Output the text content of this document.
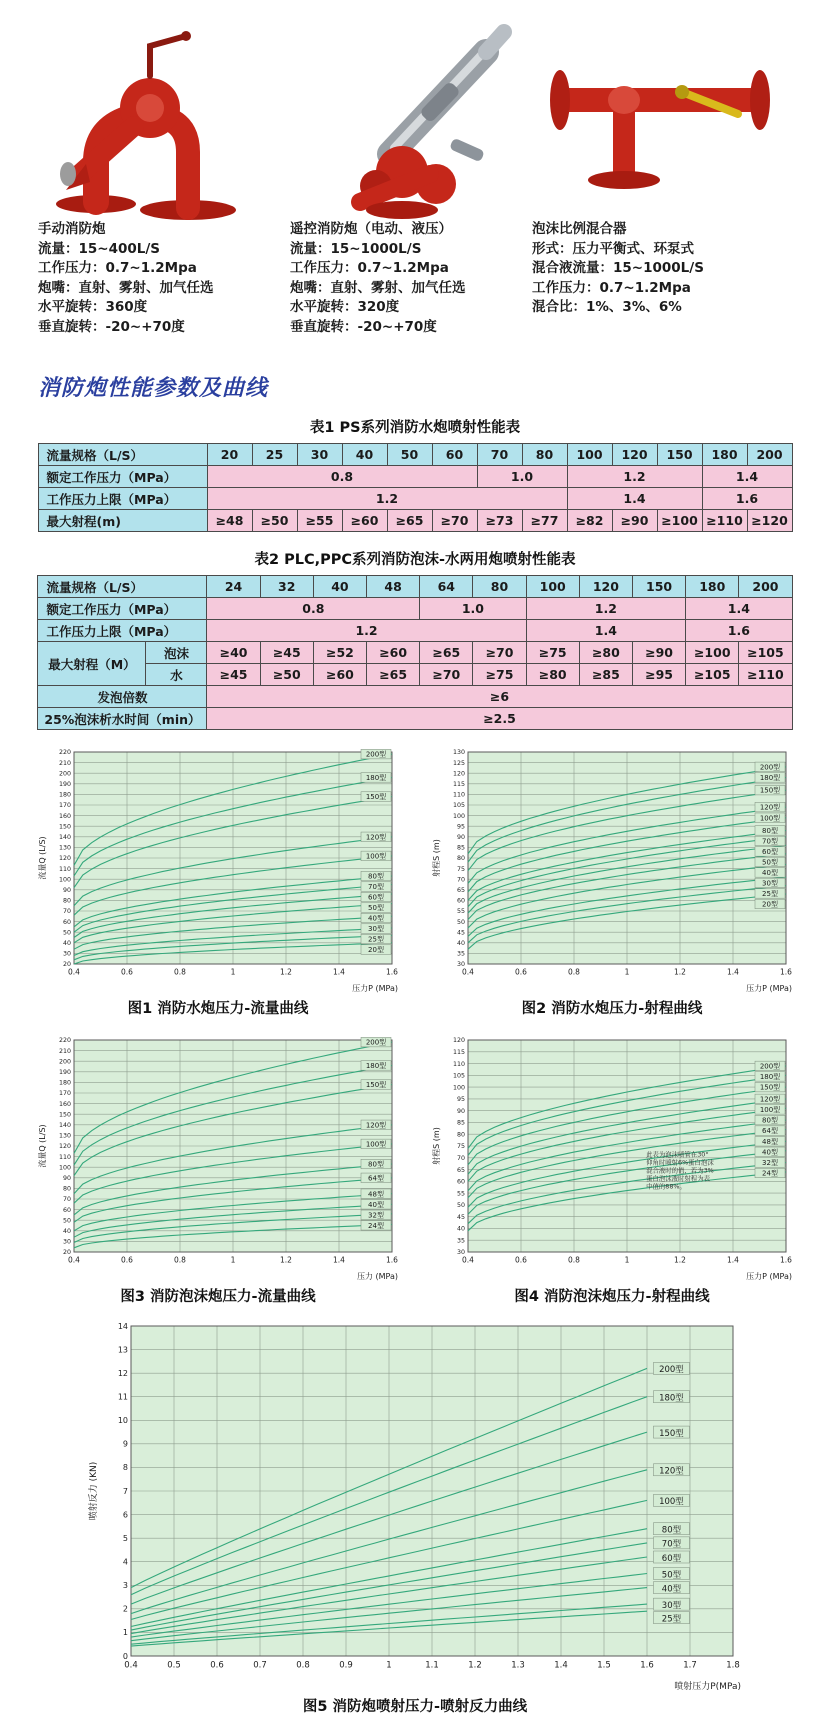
手动消防炮
流量：15~400L/S
工作压力：0.7~1.2Mpa
炮嘴：直射、雾射、加气任选
水平旋转：360度
垂直旋转：-20~+70度
遥控消防炮（电动、液压）
流量：15~1000L/S
工作压力：0.7~1.2Mpa
炮嘴：直射、雾射、加气任选
水平旋转：320度
垂直旋转：-20~+70度
泡沫比例混合器
形式：压力平衡式、环泵式
混合液流量：15~1000L/S
工作压力：0.7~1.2Mpa
混合比：1%、3%、6%
消防炮性能参数及曲线
表1 PS系列消防水炮喷射性能表
流量规格（L/S）	20	25	30	40	50	60	70	80	100	120	150	180	200
额定工作压力（MPa）	0.8						1.0		1.2			1.4	
工作压力上限（MPa）	1.2								1.4			1.6	
最大射程(m)	≥48	≥50	≥55	≥60	≥65	≥70	≥73	≥77	≥82	≥90	≥100	≥110	≥120
表2 PLC,PPC系列消防泡沫-水两用炮喷射性能表
流量规格（L/S）		24	32	40	48	64	80	100	120	150	180	200
额定工作压力（MPa）		0.8				1.0		1.2			1.4	
工作压力上限（MPa）		1.2						1.4			1.6	
最大射程（M）	泡沫	≥40	≥45	≥52	≥60	≥65	≥70	≥75	≥80	≥90	≥100	≥105
	水	≥45	≥50	≥60	≥65	≥70	≥75	≥80	≥85	≥95	≥105	≥110
发泡倍数		≥6										
25%泡沫析水时间（min）		≥2.5										
0.4	0.6	0.8	1	1.2	1.4	1.6
20
30
40
50
60
70
80
90
100
110
120
130
140
150
160
170
180
190
200
210
220
流量Q (L/S)
压力P (MPa)
200型
180型
150型
120型
100型
80型
70型
60型
50型
40型
30型
25型
20型
图1 消防水炮压力-流量曲线
0.4	0.6	0.8	1	1.2	1.4	1.6
30
35
40
45
50
55
60
65
70
75
80
85
90
95
100
105
110
115
120
125
130
射程S (m)
压力P (MPa)
200型
180型
150型
120型
100型
80型
70型
60型
50型
40型
30型
25型
20型
图2 消防水炮压力-射程曲线
0.4	0.6	0.8	1	1.2	1.4	1.6
20
30
40
50
60
70
80
90
100
110
120
130
140
150
160
170
180
190
200
210
220
流量Q (L/S)
压力 (MPa)
200型
180型
150型
120型
100型
80型
64型
48型
40型
32型
24型
图3 消防泡沫炮压力-流量曲线
0.4	0.6	0.8	1	1.2	1.4	1.6
30
35
40
45
50
55
60
65
70
75
80
85
90
95
100
105
110
115
120
射程S (m)
压力P (MPa)
200型
180型
150型
120型
100型
80型
64型
48型
40型
32型
24型
此表为泡沫喷管在30°
仰角时喷射6%蛋白泡沫
混合液时的值，若为3%
蛋白泡沫液时射程为表
中值的88%。
图4 消防泡沫炮压力-射程曲线
0.4	0.5	0.6	0.7	0.8	0.9	1	1.1	1.2	1.3	1.4	1.5	1.6	1.7	1.8
0
1
2
3
4
5
6
7
8
9
10
11
12
13
14
喷射反力 (KN)
喷射压力P(MPa)
200型
180型
150型
120型
100型
80型
70型
60型
50型
40型
30型
25型
图5 消防炮喷射压力-喷射反力曲线
